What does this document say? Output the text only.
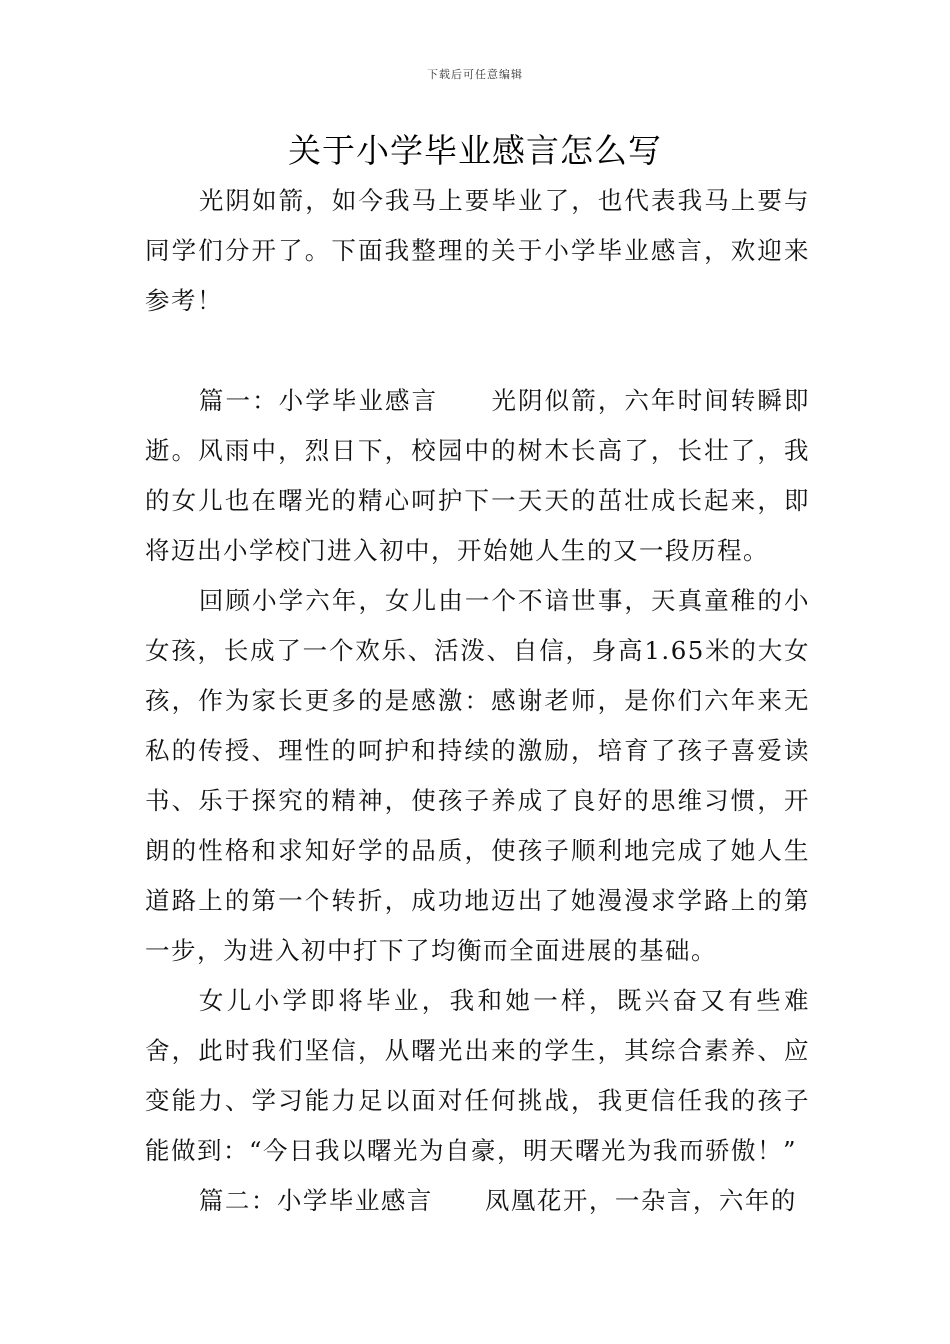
下载后可任意编辑
关于小学毕业感言怎么写

光阴如箭，如今我马上要毕业了，也代表我马上要与同学们分开了。下面我整理的关于小学毕业感言，欢迎来参考！

篇一：小学毕业感言　　光阴似箭，六年时间转瞬即逝。风雨中，烈日下，校园中的树木长高了，长壮了，我的女儿也在曙光的精心呵护下一天天的茁壮成长起来，即将迈出小学校门进入初中，开始她人生的又一段历程。

回顾小学六年，女儿由一个不谙世事，天真童稚的小女孩，长成了一个欢乐、活泼、自信，身高1.65米的大女孩，作为家长更多的是感激：感谢老师，是你们六年来无私的传授、理性的呵护和持续的激励，培育了孩子喜爱读书、乐于探究的精神，使孩子养成了良好的思维习惯，开朗的性格和求知好学的品质，使孩子顺利地完成了她人生道路上的第一个转折，成功地迈出了她漫漫求学路上的第一步，为进入初中打下了均衡而全面进展的基础。

女儿小学即将毕业，我和她一样，既兴奋又有些难舍，此时我们坚信，从曙光出来的学生，其综合素养、应变能力、学习能力足以面对任何挑战，我更信任我的孩子能做到：“今日我以曙光为自豪，明天曙光为我而骄傲！”

篇二：小学毕业感言　　凤凰花开，一杂言，六年的
